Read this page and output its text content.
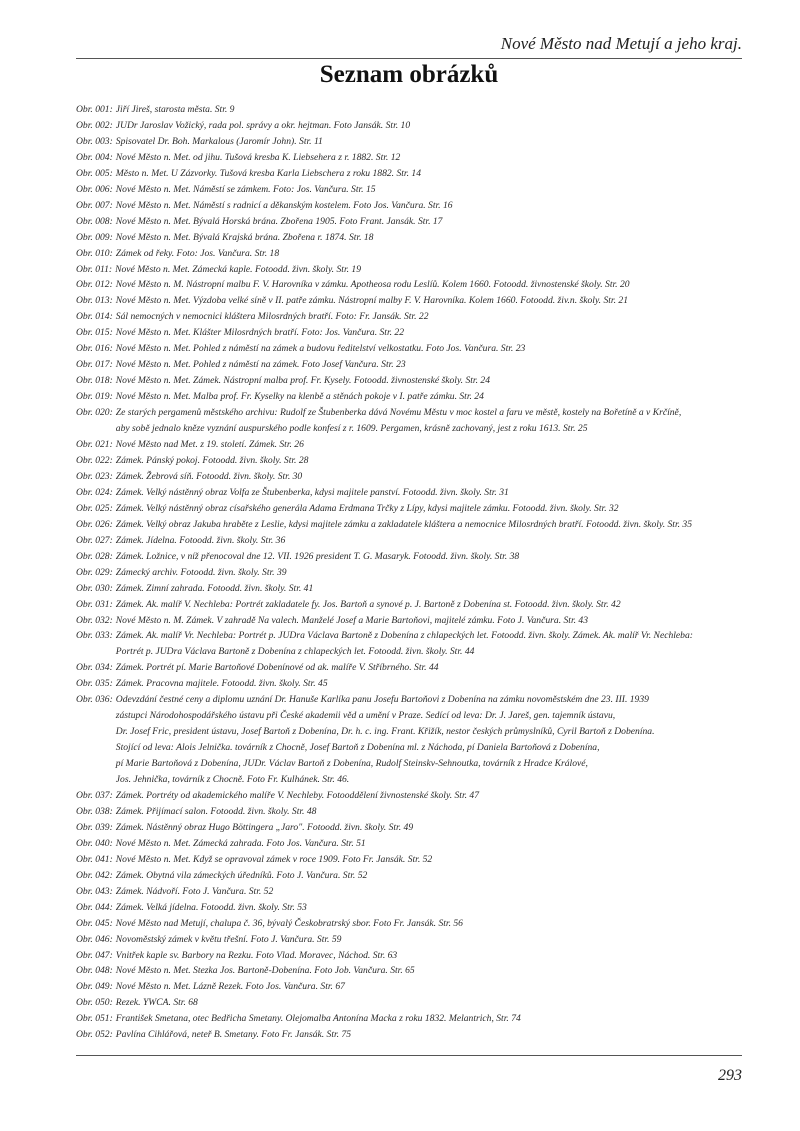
Nové Město nad Metují a jeho kraj.
Seznam obrázků
Obr. 001: Jiří Jireš, starosta města. Str. 9
Obr. 002: JUDr Jaroslav Vožický, rada pol. správy a okr. hejtman. Foto Jansák. Str. 10
Obr. 003: Spisovatel Dr. Boh. Markalous (Jaromír John). Str. 11
Obr. 004: Nové Město n. Met. od jihu. Tušová kresba K. Liebsehera z r. 1882. Str. 12
Obr. 005: Město n. Met. U Zázvorky. Tušová kresba Karla Liebschera z roku 1882. Str. 14
Obr. 006: Nové Město n. Met. Náměstí se zámkem. Foto: Jos. Vančura. Str. 15
Obr. 007: Nové Město n. Met. Náměstí s radnicí a děkanským kostelem. Foto Jos. Vančura. Str. 16
Obr. 008: Nové Město n. Met. Bývalá Horská brána. Zbořena 1905. Foto Frant. Jansák. Str. 17
Obr. 009: Nové Město n. Met. Bývalá Krajská brána. Zbořena r. 1874. Str. 18
Obr. 010: Zámek od řeky. Foto: Jos. Vančura. Str. 18
Obr. 011: Nové Město n. Met. Zámecká kaple. Fotoodd. živn. školy. Str. 19
Obr. 012: Nové Město n. M. Nástropní malbu F. V. Harovníka v zámku. Apotheosa rodu Leslíů. Kolem 1660. Fotoodd. živnostenské školy. Str. 20
Obr. 013: Nové Město n. Met. Výzdoba velké síně v II. patře zámku. Nástropní malby F. V. Harovníka. Kolem 1660. Fotoodd. živ.n. školy. Str. 21
Obr. 014: Sál nemocných v nemocnici kláštera Milosrdných bratří. Foto: Fr. Jansák. Str. 22
Obr. 015: Nové Město n. Met. Klášter Milosrdných bratří. Foto: Jos. Vančura. Str. 22
Obr. 016: Nové Město n. Met. Pohled z náměstí na zámek a budovu ředitelství velkostatku. Foto Jos. Vančura. Str. 23
Obr. 017: Nové Město n. Met. Pohled z náměstí na zámek. Foto Josef Vančura. Str. 23
Obr. 018: Nové Město n. Met. Zámek. Nástropní malba prof. Fr. Kysely. Fotoodd. živnostenské školy. Str. 24
Obr. 019: Nové Město n. Met. Malba prof. Fr. Kyselky na klenbě a stěnách pokoje v I. patře zámku. Str. 24
Obr. 020: Ze starých pergamenů městského archivu: Rudolf ze Štubenberka dává Novému Městu v moc kostel a faru ve městě, kostely na Bořetíně a v Krčíně,
aby sobě jednalo kněze vyznání auspurského podle konfesí z r. 1609. Pergamen, krásně zachovaný, jest z roku 1613. Str. 25
Obr. 021: Nové Město nad Met. z 19. století. Zámek. Str. 26
Obr. 022: Zámek. Pánský pokoj. Fotoodd. živn. školy. Str. 28
Obr. 023: Zámek. Žebrová síň. Fotoodd. živn. školy. Str. 30
Obr. 024: Zámek. Velký nástěnný obraz Volfa ze Štubenberka, kdysi majitele panství. Fotoodd. živn. školy. Str. 31
Obr. 025: Zámek. Velký nástěnný obraz císařského generála Adama Erdmana Trčky z Lípy, kdysi majitele zámku. Fotoodd. živn. školy. Str. 32
Obr. 026: Zámek. Velký obraz Jakuba hraběte z Leslie, kdysi majitele zámku a zakladatele kláštera a nemocnice Milosrdných bratří. Fotoodd. živn. školy. Str. 35
Obr. 027: Zámek. Jídelna. Fotoodd. živn. školy. Str. 36
Obr. 028: Zámek. Ložnice, v níž přenocoval dne 12. VII. 1926 president T. G. Masaryk. Fotoodd. živn. školy. Str. 38
Obr. 029: Zámecký archiv. Fotoodd. živn. školy. Str. 39
Obr. 030: Zámek. Zimní zahrada. Fotoodd. živn. školy. Str. 41
Obr. 031: Zámek. Ak. malíř V. Nechleba: Portrét zakladatele fy. Jos. Bartoň a synové p. J. Bartoně z Dobenína st. Fotoodd. živn. školy. Str. 42
Obr. 032: Nové Město n. M. Zámek. V zahradě Na valech. Manželé Josef a Marie Bartoňovi, majitelé zámku. Foto J. Vančura. Str. 43
Obr. 033: Zámek. Ak. malíř Vr. Nechleba: Portrét p. JUDra Václava Bartoně z Dobenína z chlapeckých let. Fotoodd. živn. školy. Zámek. Ak. malíř Vr. Nechleba:
Portrét p. JUDra Václava Bartoně z Dobenína z chlapeckých let. Fotoodd. živn. školy. Str. 44
Obr. 034: Zámek. Portrét pí. Marie Bartoňové Dobenínové od ak. malíře V. Stříbrného. Str. 44
Obr. 035: Zámek. Pracovna majitele. Fotoodd. živn. školy. Str. 45
Obr. 036: Odevzdání čestné ceny a diplomu uznání Dr. Hanuše Karlíka panu Josefu Bartoňovi z Dobenína na zámku novoměstském dne 23. III. 1939
zástupci Národohospodářského ústavu při České akademii věd a umění v Praze. Sedící od leva: Dr. J. Jareš, gen. tajemník ústavu,
Dr. Josef Fric, president ústavu, Josef Bartoň z Dobenína, Dr. h. c. ing. Frant. Křižík, nestor českých průmyslníků, Cyril Bartoň z Dobenína.
Stojící od leva: Alois Jelnička. továrník z Chocně, Josef Bartoň z Dobenína ml. z Náchoda, pí Daniela Bartoňová z Dobenína,
pí Marie Bartoňová z Dobenína, JUDr. Václav Bartoň z Dobenína, Rudolf Steinskv-Sehnoutka, továrník z Hradce Králové,
Jos. Jehnička, továrník z Chocně. Foto Fr. Kulhánek. Str. 46.
Obr. 037: Zámek. Portréty od akademického malíře V. Nechleby. Fotooddělení živnostenské školy. Str. 47
Obr. 038: Zámek. Přijímací salon. Fotoodd. živn. školy. Str. 48
Obr. 039: Zámek. Nástěnný obraz Hugo Böttingera „Jaro". Fotoodd. živn. školy. Str. 49
Obr. 040: Nové Město n. Met. Zámecká zahrada. Foto Jos. Vančura. Str. 51
Obr. 041: Nové Město n. Met. Když se opravoval zámek v roce 1909. Foto Fr. Jansák. Str. 52
Obr. 042: Zámek. Obytná vila zámeckých úředníků. Foto J. Vančura. Str. 52
Obr. 043: Zámek. Nádvoří. Foto J. Vančura. Str. 52
Obr. 044: Zámek. Velká jídelna. Fotoodd. živn. školy. Str. 53
Obr. 045: Nové Město nad Metují, chalupa č. 36, bývalý Českobratrský sbor. Foto Fr. Jansák. Str. 56
Obr. 046: Novoměstský zámek v květu třešní. Foto J. Vančura. Str. 59
Obr. 047: Vnitřek kaple sv. Barbory na Rezku. Foto Vlad. Moravec, Náchod. Str. 63
Obr. 048: Nové Město n. Met. Stezka Jos. Bartoně-Dobenína. Foto Job. Vančura. Str. 65
Obr. 049: Nové Město n. Met. Lázně Rezek. Foto Jos. Vančura. Str. 67
Obr. 050: Rezek. YWCA. Str. 68
Obr. 051: František Smetana, otec Bedřicha Smetany. Olejomalba Antonína Macka z roku 1832. Melantrich, Str. 74
Obr. 052: Pavlína Cihlářová, neteř B. Smetany. Foto Fr. Jansák. Str. 75
293
